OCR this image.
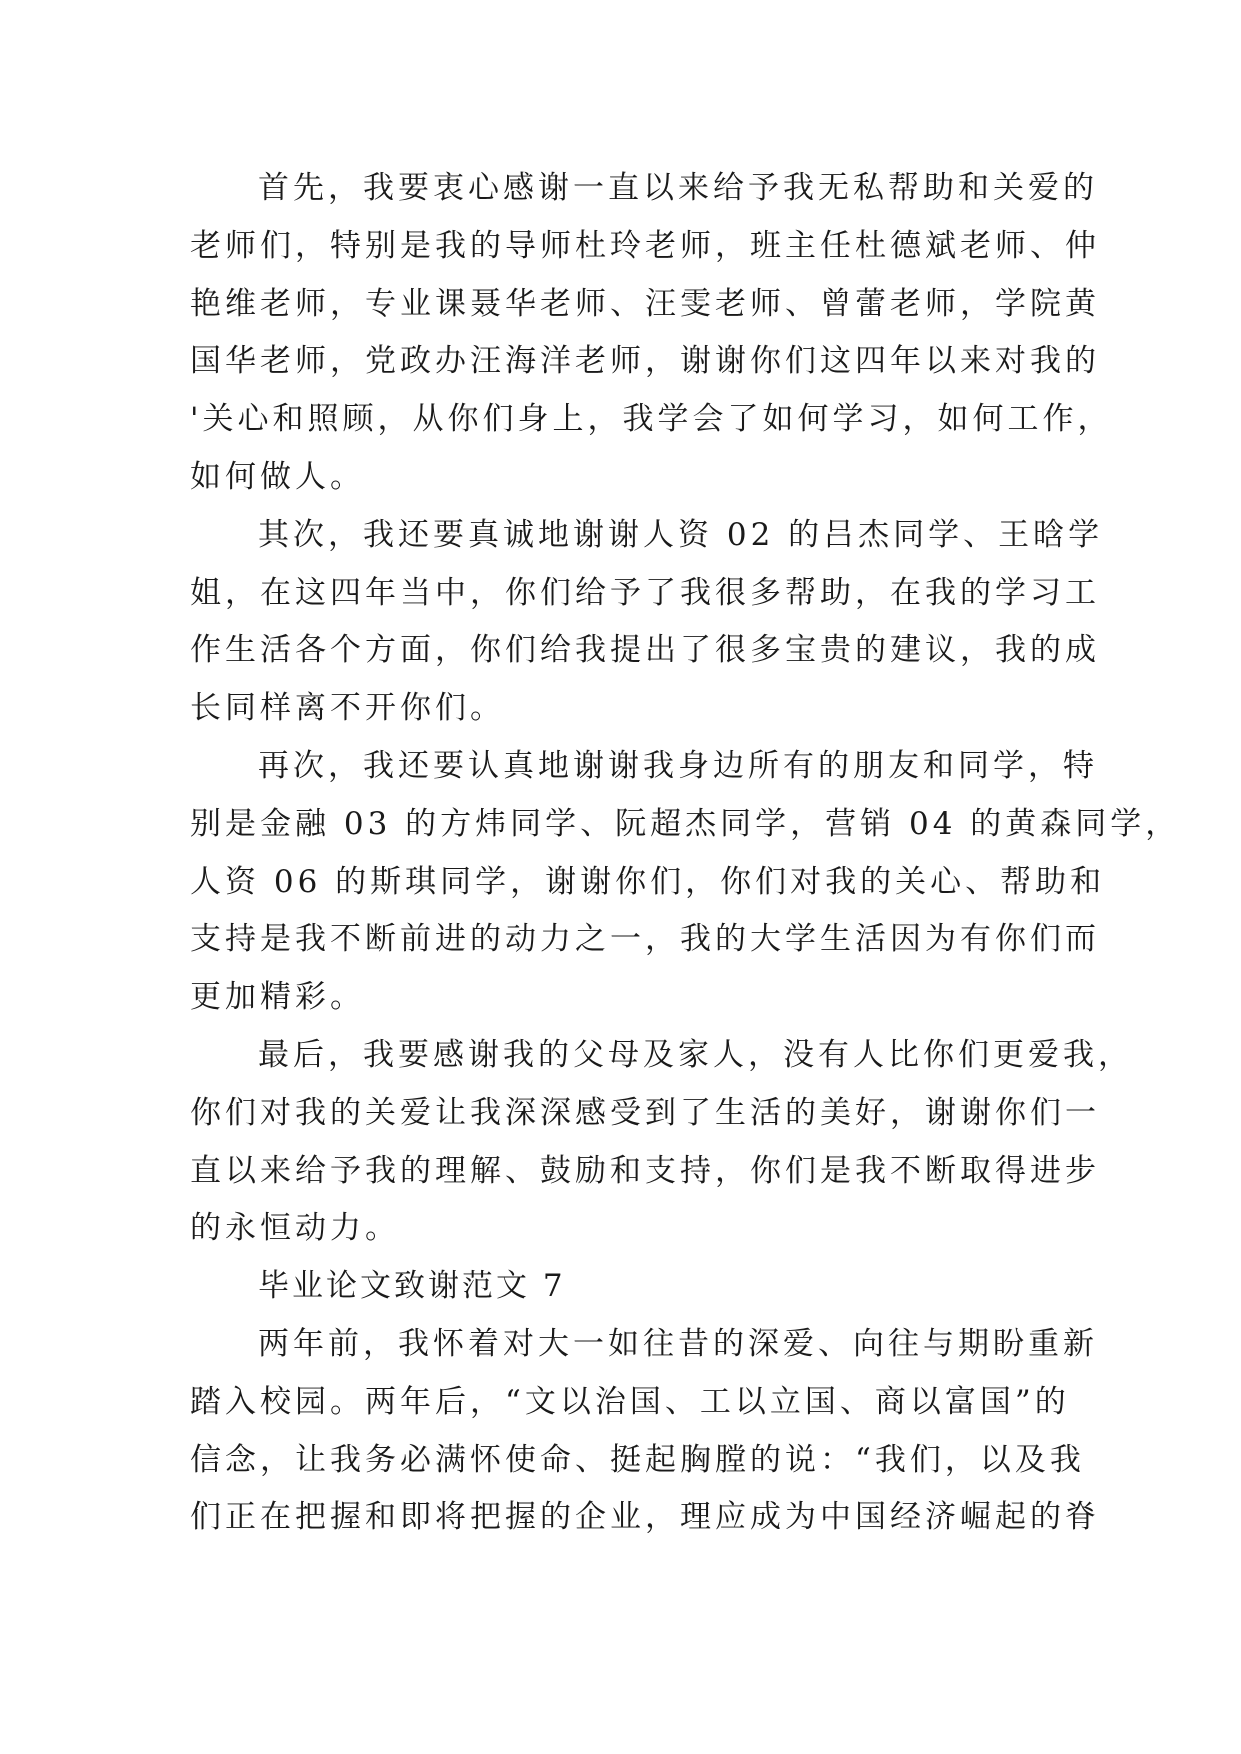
首先，我要衷心感谢一直以来给予我无私帮助和关爱的
老师们，特别是我的导师杜玲老师，班主任杜德斌老师、仲
艳维老师，专业课聂华老师、汪雯老师、曾蕾老师，学院黄
国华老师，党政办汪海洋老师，谢谢你们这四年以来对我的
'关心和照顾，从你们身上，我学会了如何学习，如何工作，
如何做人。
其次，我还要真诚地谢谢人资 02 的吕杰同学、王晗学
姐，在这四年当中，你们给予了我很多帮助，在我的学习工
作生活各个方面，你们给我提出了很多宝贵的建议，我的成
长同样离不开你们。
再次，我还要认真地谢谢我身边所有的朋友和同学，特
别是金融 03 的方炜同学、阮超杰同学，营销 04 的黄森同学，
人资 06 的斯琪同学，谢谢你们，你们对我的关心、帮助和
支持是我不断前进的动力之一，我的大学生活因为有你们而
更加精彩。
最后，我要感谢我的父母及家人，没有人比你们更爱我，
你们对我的关爱让我深深感受到了生活的美好，谢谢你们一
直以来给予我的理解、鼓励和支持，你们是我不断取得进步
的永恒动力。
毕业论文致谢范文 7
两年前，我怀着对大一如往昔的深爱、向往与期盼重新
踏入校园。两年后，“文以治国、工以立国、商以富国”的
信念，让我务必满怀使命、挺起胸膛的说：“我们，以及我
们正在把握和即将把握的企业，理应成为中国经济崛起的脊
